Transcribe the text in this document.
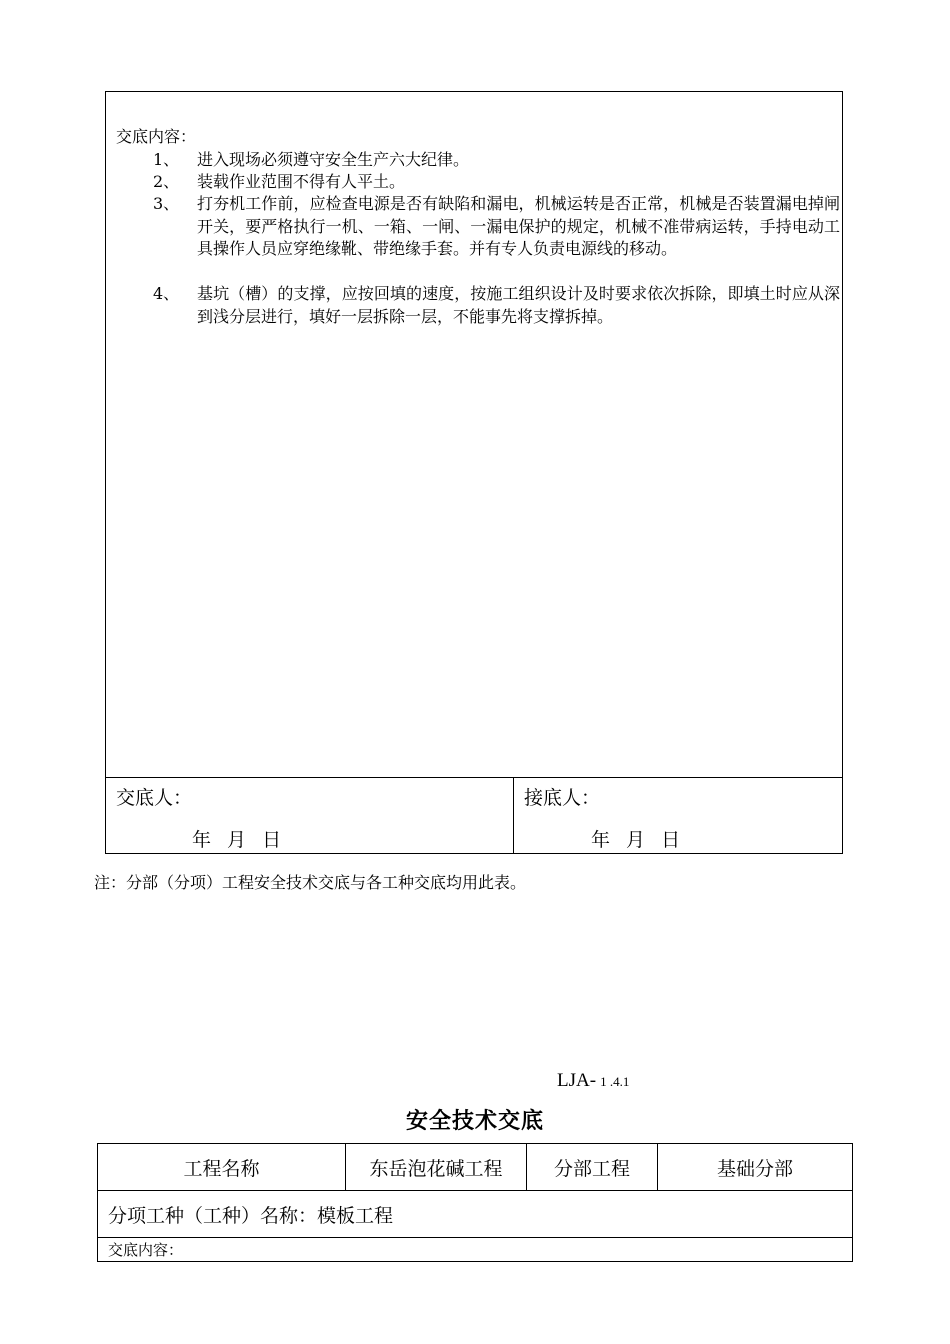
交底内容：
1、 进入现场必须遵守安全生产六大纪律。
2、 装载作业范围不得有人平土。
3、 打夯机工作前，应检查电源是否有缺陷和漏电，机械运转是否正常，机械是否装置漏电掉闸开关，要严格执行一机、一箱、一闸、一漏电保护的规定，机械不准带病运转，手持电动工具操作人员应穿绝缘靴、带绝缘手套。并有专人负责电源线的移动。
4、 基坑（槽）的支撑，应按回填的速度，按施工组织设计及时要求依次拆除，即填土时应从深到浅分层进行，填好一层拆除一层，不能事先将支撑拆掉。
交底人：
年 月 日
接底人：
年 月 日
注：分部（分项）工程安全技术交底与各工种交底均用此表。
LJA- 1 .4.1
安全技术交底
工程名称	东岳泡花碱工程	分部工程	基础分部
分项工种（工种）名称：模板工程
交底内容：
